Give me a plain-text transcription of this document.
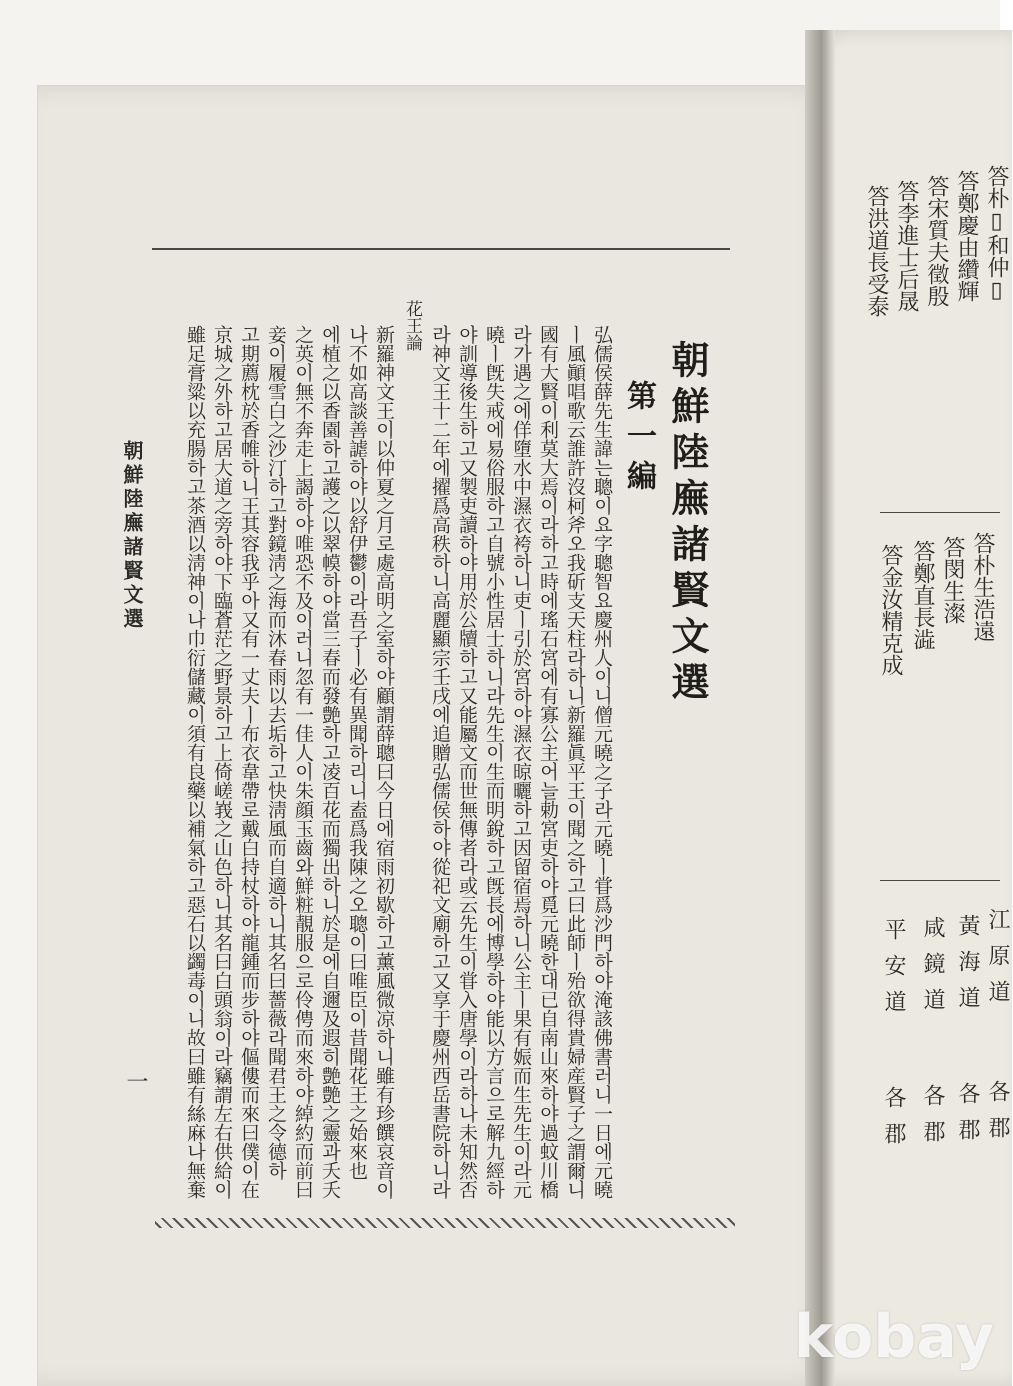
朝鮮陸廡諸賢文選
第一編
弘儒侯薛先生諱는聰이요字聰智요慶州人이니僧元曉之子라元曉ㅣ甞爲沙門하야淹該佛書러니一日에元曉
ㅣ風顚唱歌云誰許沒柯斧오我斫支天柱라하니新羅眞平王이聞之하고曰此師ㅣ殆欲得貴婦産賢子之謂爾니
國有大賢이利莫大焉이라하고時에瑤石宮에有寡公主어늘勅宮吏하야覓元曉한대已自南山來하야過蚊川橋
라가遇之에佯墮水中濕衣袴하니吏ㅣ引於宮하야濕衣晾曬하고因留宿焉하니公主ㅣ果有娠而生先生이라元
曉ㅣ旣失戒에易俗服하고自號小性居士하니라先生이生而明銳하고旣長에博學하야能以方言으로解九經하
야訓導後生하고又製吏讀하야用於公牘하고又能屬文而世無傳者라或云先生이甞入唐學이라하나未知然否
라神文王十二年에擢爲高秩하니高麗顯宗壬戌에追贈弘儒侯하야從祀文廟하고又享于慶州西岳書院하니라
花王論
新羅神文王이以仲夏之月로處高明之室하야顧謂薛聰曰今日에宿雨初歇하고薰風微凉하니雖有珍饌哀音이
나不如高談善謔하야以舒伊鬱이라吾子ㅣ必有異聞하리니盍爲我陳之오聰이曰唯臣이昔聞花王之始來也
에植之以香園하고護之以翠幙하야當三春而發艶하고凌百花而獨出하니於是에自邇及遐히艶艶之靈과夭夭
之英이無不奔走上謁하야唯恐不及이러니忽有一佳人이朱顔玉齒와鮮粧靚服으로伶俜而來하야綽約而前曰
妾이履雪白之沙汀하고對鏡淸之海而沐春雨以去垢하고快淸風而自適하니其名曰薔薇라聞君王之令德하
고期薦枕於香帷하니王其容我乎아又有一丈夫ㅣ布衣韋帶로戴白持杖하야龍鍾而步하야傴僂而來曰僕이在
京城之外하고居大道之旁하야下臨蒼茫之野景하고上倚嵯峩之山色하니其名曰白頭翁이라竊謂左右供給이
雖足膏粱以充腸하고茶酒以淸神이나巾衍儲藏이須有良藥以補氣하고惡石以蠲毒이니故曰雖有絲麻나無棄
朝鮮陸廡諸賢文選
一
答朴▯和仲▯
答鄭慶由纘輝
答宋質夫徵殷
答李進士后晟
答洪道長受泰
答朴生浩遠
答閔生澯
答鄭直長澁
答金汝精克成
江原道
各郡
黃海道
各郡
咸鏡道
各郡
平安道
各郡
kobay
